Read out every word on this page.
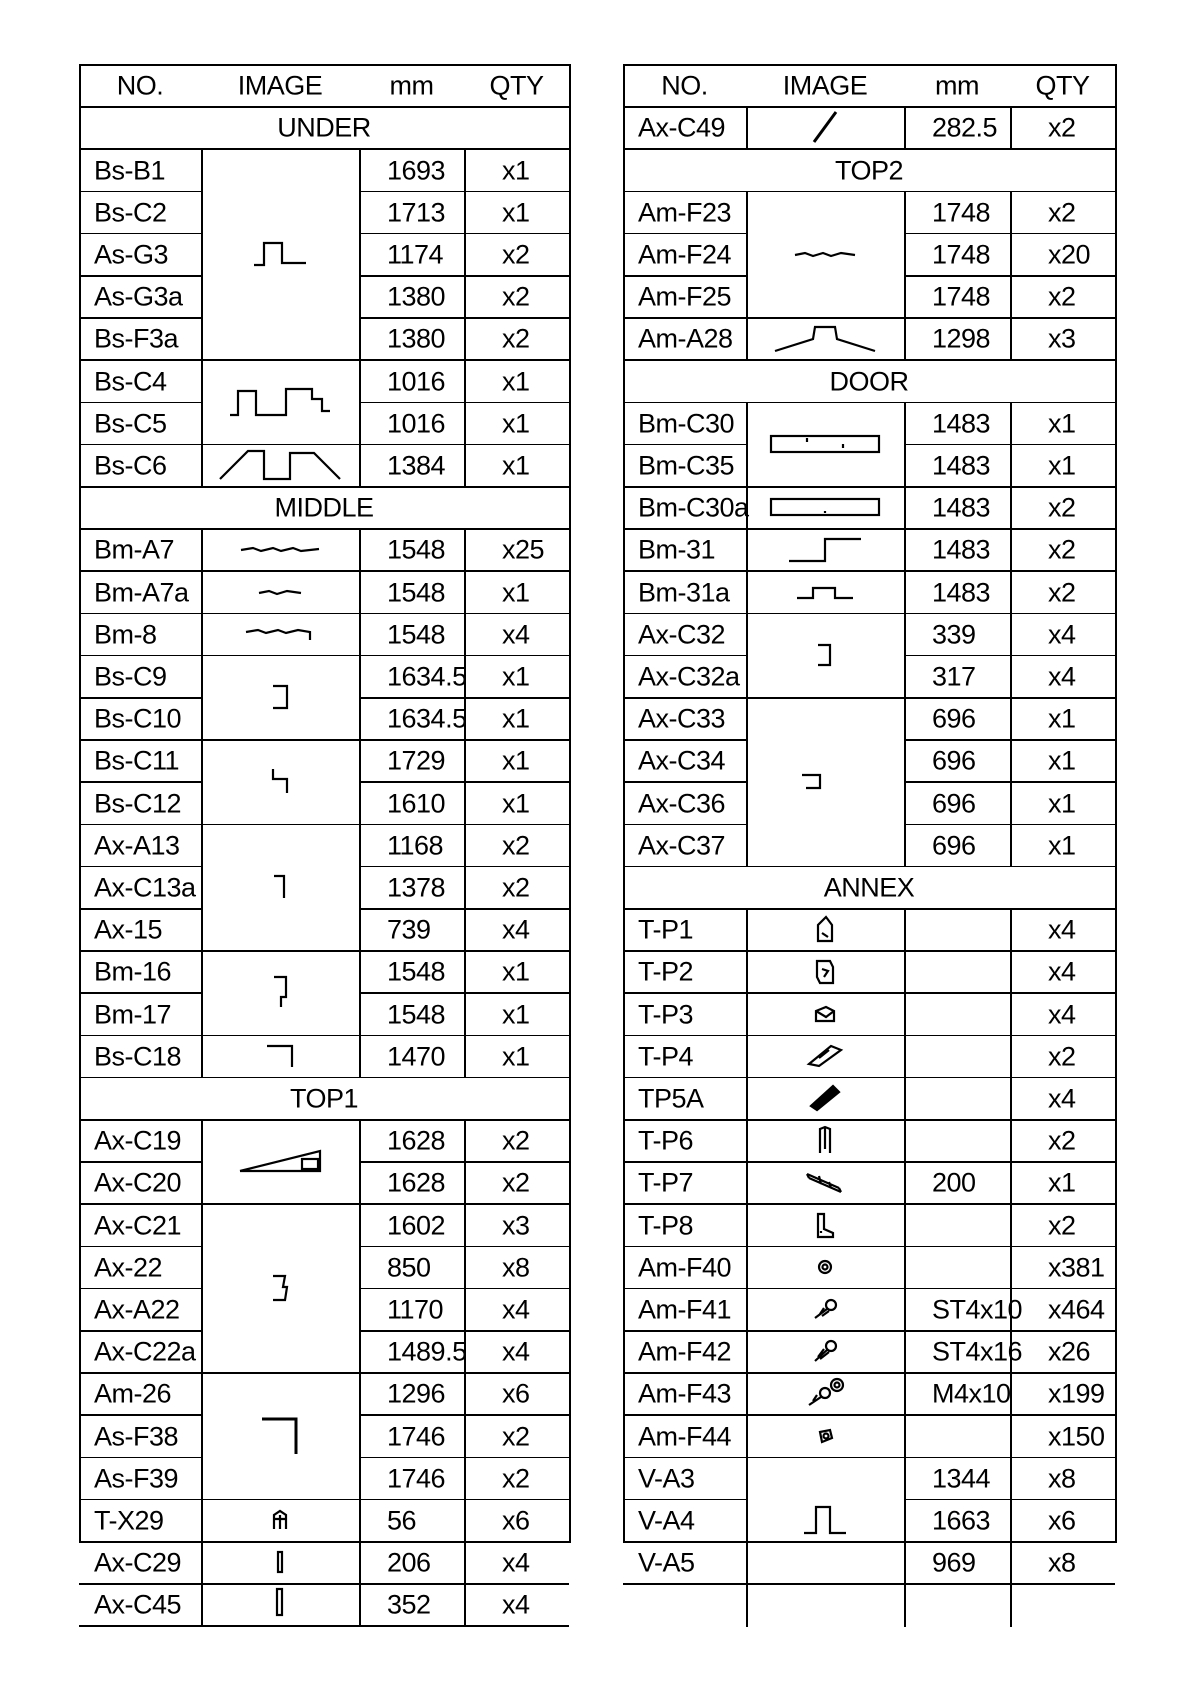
NO.	IMAGE mm QTY
UNDER
Bs-B1	1693 x1
Bs-C2	1713 x1
As-G3	1174 x2
As-G3a	1380 x2
Bs-F3a	1380 x2
Bs-C4	1016 x1
Bs-C5	1016 x1
Bs-C6	1384 x1
MIDDLE
Bm-A7	1548 x25
Bm-A7a	1548 x1
Bm-8	1548 x4
Bs-C9	1634.5 x1
Bs-C10	1634.5 x1
Bs-C11	1729 x1
Bs-C12	1610 x1
Ax-A13	1168 x2
Ax-C13a	1378 x2
Ax-15	739	x4
Bm-16	1548 x1
Bm-17	1548 x1
Bs-C18	1470 x1
TOP1
Ax-C19	1628 x2
Ax-C20	1628 x2
Ax-C21	1602 x3
Ax-22	850	x8
Ax-A22	1170 x4
Ax-C22a	1489.5 x4
Am-26	1296 x6
As-F38	1746 x2
As-F39	1746 x2
T-X29	56	x6
Ax-C29	206	x4
Ax-C45	352	x4
NO.	IMAGE	mm QTY
Ax-C49	282.5 x2
TOP2
Am-F23	1748 x2
Am-F24	1748 x20
Am-F25	1748 x2
Am-A28	1298 x3
DOOR
Bm-C30	1483 x1
Bm-C35	1483 x1
Bm-C30a	1483 x2
Bm-31	1483 x2
Bm-31a	1483 x2
Ax-C32	339	x4
Ax-C32a	317	x4
Ax-C33	696	x1
Ax-C34	696	x1
Ax-C36	696	x1
Ax-C37	696	x1
ANNEX
T-P1	x4
T-P2	x4
T-P3	x4
T-P4	x2
TP5A	x4
T-P6	x2
T-P7	200	x1
T-P8	x2
Am-F40	x381
Am-F41	ST4x10 x464
Am-F42	ST4x16 x26
Am-F43	M4x10 x199
Am-F44	x150
V-A3	1344 x8
V-A4	1663 x6
V-A5	969	x8
